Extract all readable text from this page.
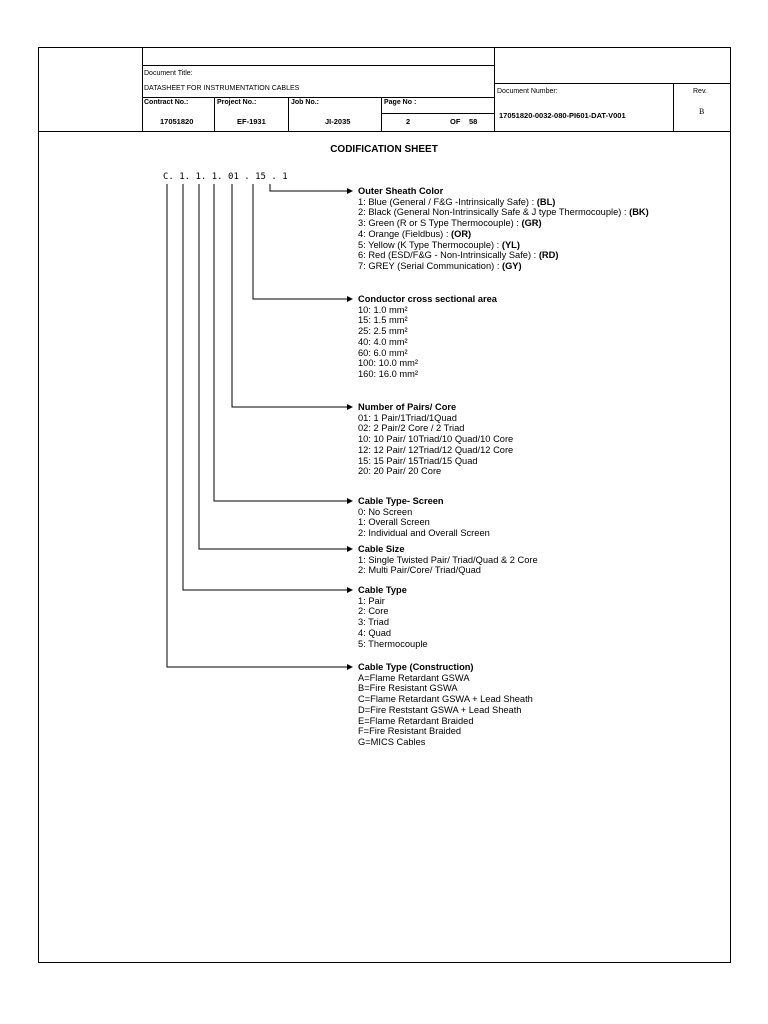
Document Title:
DATASHEET FOR INSTRUMENTATION CABLES
Contract No.:
17051820
Project No.:
EF-1931
Job No.:
JI-2035
Page No :
2	OF 58
Document Number:
17051820-0032-080-PI601-DAT-V001
Rev.
B
CODIFICATION SHEET
C. 1. 1. 1. 01 . 15 . 1
Outer Sheath Color
1: Blue (General / F&G -Intrinsically Safe) : (BL)
2: Black (General Non-Intrinsically Safe & J type Thermocouple) : (BK)
3: Green (R or S Type Thermocouple) : (GR)
4: Orange (Fieldbus) : (OR)
5: Yellow (K Type Thermocouple) : (YL)
6: Red (ESD/F&G - Non-Intrinsically Safe) : (RD)
7: GREY (Serial Communication) : (GY)
Conductor cross sectional area
10: 1.0 mm²
15: 1.5 mm²
25: 2.5 mm²
40: 4.0 mm²
60: 6.0 mm²
100: 10.0 mm²
160: 16.0 mm²
Number of Pairs/ Core
01: 1 Pair/1Triad/1Quad
02: 2 Pair/2 Core / 2 Triad
10: 10 Pair/ 10Triad/10 Quad/10 Core
12: 12 Pair/ 12Triad/12 Quad/12 Core
15: 15 Pair/ 15Triad/15 Quad
20: 20 Pair/ 20 Core
Cable Type- Screen
0: No Screen
1: Overall Screen
2: Individual and Overall Screen
Cable Size
1: Single Twisted Pair/ Triad/Quad & 2 Core
2: Multi Pair/Core/ Triad/Quad
Cable Type
1: Pair
2: Core
3: Triad
4: Quad
5: Thermocouple
Cable Type (Construction)
A=Flame Retardant GSWA
B=Fire Resistant GSWA
C=Flame Retardant GSWA + Lead Sheath
D=Fire Reststant GSWA + Lead Sheath
E=Flame Retardant Braided
F=Fire Resistant Braided
G=MICS Cables
